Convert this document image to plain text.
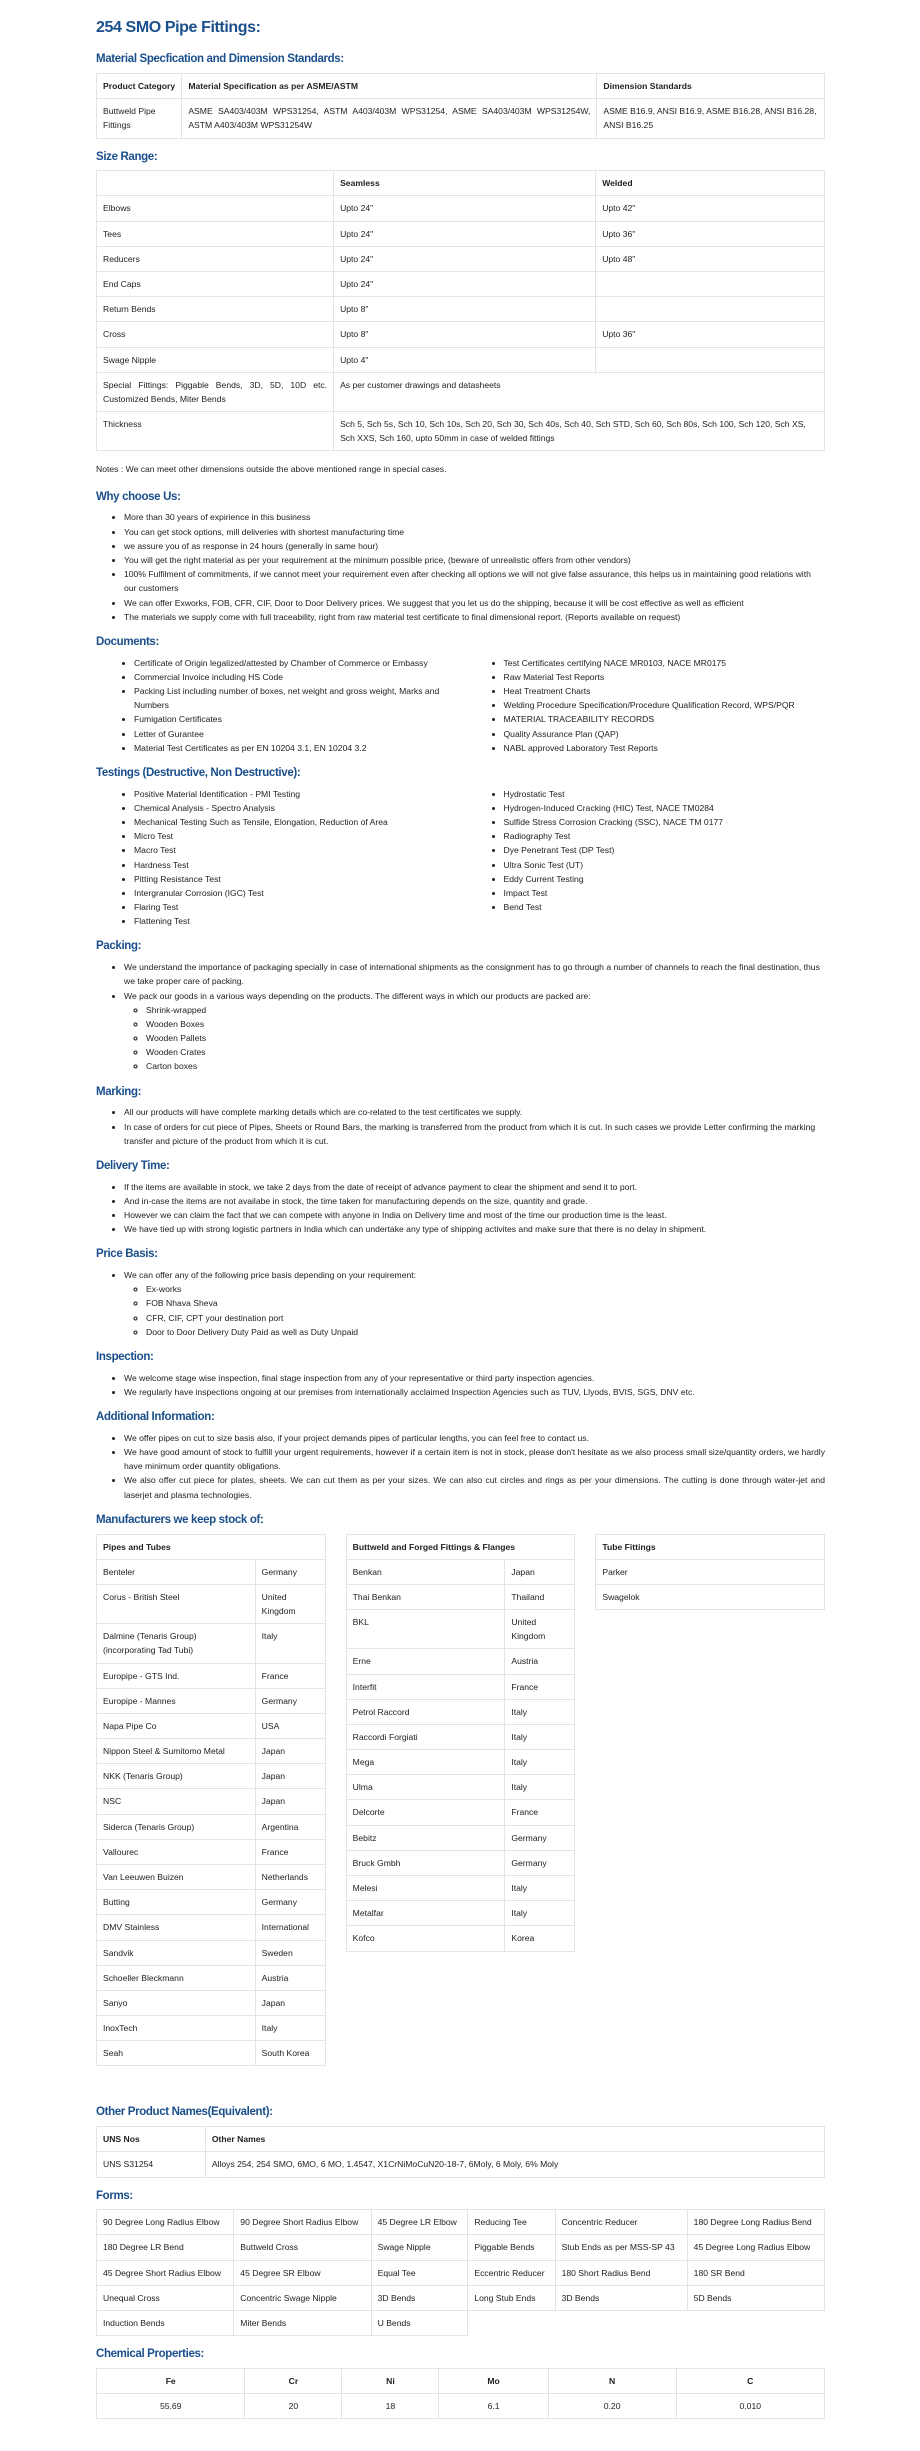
254 SMO Pipe Fittings:
Material Specfication and Dimension Standards:
Product Category	Material Specification as per ASME/ASTM	Dimension Standards
Buttweld Pipe Fittings	ASME SA403/403M WPS31254, ASTM A403/403M WPS31254, ASME SA403/403M WPS31254W, ASTM A403/403M WPS31254W	ASME B16.9, ANSI B16.9, ASME B16.28, ANSI B16.28, ANSI B16.25
Size Range:
	Seamless	Welded
Elbows	Upto 24"	Upto 42"
Tees	Upto 24"	Upto 36"
Reducers	Upto 24"	Upto 48"
End Caps	Upto 24"	
Return Bends	Upto 8"	
Cross	Upto 8"	Upto 36"
Swage Nipple	Upto 4"	
Special Fittings: Piggable Bends, 3D, 5D, 10D etc. Customized Bends, Miter Bends	As per customer drawings and datasheets	
Thickness	Sch 5, Sch 5s, Sch 10, Sch 10s, Sch 20, Sch 30, Sch 40s, Sch 40, Sch STD, Sch 60, Sch 80s, Sch 100, Sch 120, Sch XS, Sch XXS, Sch 160, upto 50mm in case of welded fittings	

Notes : We can meet other dimensions outside the above mentioned range in special cases.

Why choose Us:
• More than 30 years of expirience in this business
• You can get stock options, mill deliveries with shortest manufacturing time
• we assure you of as response in 24 hours (generally in same hour)
• You will get the right material as per your requirement at the minimum possible price, (beware of unrealistic offers from other vendors)
• 100% Fulfilment of commitments, if we cannot meet your requirement even after checking all options we will not give false assurance, this helps us in maintaining good relations with our customers
• We can offer Exworks, FOB, CFR, CIF, Door to Door Delivery prices. We suggest that you let us do the shipping, because it will be cost effective as well as efficient
• The materials we supply come with full traceability, right from raw material test certificate to final dimensional report. (Reports available on request)
Documents:
• Certificate of Origin legalized/attested by Chamber of Commerce or Embassy
• Commercial Invoice including HS Code
• Packing List including number of boxes, net weight and gross weight, Marks and Numbers
• Fumigation Certificates
• Letter of Gurantee
• Material Test Certificates as per EN 10204 3.1, EN 10204 3.2
• Test Certificates certifying NACE MR0103, NACE MR0175
• Raw Material Test Reports
• Heat Treatment Charts
• Welding Procedure Specification/Procedure Qualification Record, WPS/PQR
• MATERIAL TRACEABILITY RECORDS
• Quality Assurance Plan (QAP)
• NABL approved Laboratory Test Reports
Testings (Destructive, Non Destructive):
• Positive Material Identification - PMI Testing
• Chemical Analysis - Spectro Analysis
• Mechanical Testing Such as Tensile, Elongation, Reduction of Area
• Micro Test
• Macro Test
• Hardness Test
• Pitting Resistance Test
• Intergranular Corrosion (IGC) Test
• Flaring Test
• Flattening Test
• Hydrostatic Test
• Hydrogen-Induced Cracking (HIC) Test, NACE TM0284
• Sulfide Stress Corrosion Cracking (SSC), NACE TM 0177
• Radiography Test
• Dye Penetrant Test (DP Test)
• Ultra Sonic Test (UT)
• Eddy Current Testing
• Impact Test
• Bend Test
Packing:
• We understand the importance of packaging specially in case of international shipments as the consignment has to go through a number of channels to reach the final destination, thus we take proper care of packing.
• We pack our goods in a various ways depending on the products. The different ways in which our products are packed are:
◦ Shrink-wrapped
◦ Wooden Boxes
◦ Wooden Pallets
◦ Wooden Crates
◦ Carton boxes
Marking:
• All our products will have complete marking details which are co-related to the test certificates we supply.
• In case of orders for cut piece of Pipes, Sheets or Round Bars, the marking is transferred from the product from which it is cut. In such cases we provide Letter confirming the marking transfer and picture of the product from which it is cut.
Delivery Time:
• If the items are available in stock, we take 2 days from the date of receipt of advance payment to clear the shipment and send it to port.
• And in-case the items are not availabe in stock, the time taken for manufacturing depends on the size, quantity and grade.
• However we can claim the fact that we can compete with anyone in India on Delivery time and most of the time our production time is the least.
• We have tied up with strong logistic partners in India which can undertake any type of shipping activites and make sure that there is no delay in shipment.
Price Basis:
• We can offer any of the following price basis depending on your requirement:
◦ Ex-works
◦ FOB Nhava Sheva
◦ CFR, CIF, CPT your destination port
◦ Door to Door Delivery Duty Paid as well as Duty Unpaid
Inspection:
• We welcome stage wise inspection, final stage inspection from any of your representative or third party inspection agencies.
• We regularly have inspections ongoing at our premises from internationally acclaimed Inspection Agencies such as TUV, Llyods, BVIS, SGS, DNV etc.
Additional Information:
• We offer pipes on cut to size basis also, if your project demands pipes of particular lengths, you can feel free to contact us.
• We have good amount of stock to fulfill your urgent requirements, however if a certain item is not in stock, please don't hesitate as we also process small size/quantity orders, we hardly have minimum order quantity obligations.
• We also offer cut piece for plates, sheets. We can cut them as per your sizes. We can also cut circles and rings as per your dimensions. The cutting is done through water-jet and laserjet and plasma technologies.
Manufacturers we keep stock of:
Pipes and Tubes	
Benteler	Germany
Corus - British Steel	United Kingdom
Dalmine (Tenaris Group) (incorporating Tad Tubi)	Italy
Europipe - GTS Ind.	France
Europipe - Mannes	Germany
Napa Pipe Co	USA
Nippon Steel & Sumitomo Metal	Japan
NKK (Tenaris Group)	Japan
NSC	Japan
Siderca (Tenaris Group)	Argentina
Vallourec	France
Van Leeuwen Buizen	Netherlands
Butting	Germany
DMV Stainless	International
Sandvik	Sweden
Schoeller Bleckmann	Austria
Sanyo	Japan
InoxTech	Italy
Seah	South Korea
Buttweld and Forged Fittings & Flanges	
Benkan	Japan
Thai Benkan	Thailand
BKL	United Kingdom
Erne	Austria
Interfit	France
Petrol Raccord	Italy
Raccordi Forgiati	Italy
Mega	Italy
Ulma	Italy
Delcorte	France
Bebitz	Germany
Bruck Gmbh	Germany
Melesi	Italy
Metalfar	Italy
Kofco	Korea
Tube Fittings
Parker
Swagelok
Other Product Names(Equivalent):
UNS Nos	Other Names
UNS S31254	Alloys 254, 254 SMO, 6MO, 6 MO, 1.4547, X1CrNiMoCuN20-18-7, 6Moly, 6 Moly, 6% Moly
Forms:
90 Degree Long Radius Elbow	90 Degree Short Radius Elbow	45 Degree LR Elbow	Reducing Tee	Concentric Reducer	180 Degree Long Radius Bend
180 Degree LR Bend	Buttweld Cross	Swage Nipple	Piggable Bends	Stub Ends as per MSS-SP 43	45 Degree Long Radius Elbow
45 Degree Short Radius Elbow	45 Degree SR Elbow	Equal Tee	Eccentric Reducer	180 Short Radius Bend	180 SR Bend
Unequal Cross	Concentric Swage Nipple	3D Bends	Long Stub Ends	3D Bends	5D Bends
Induction Bends	Miter Bends	U Bends			
Chemical Properties:
Fe	Cr	Ni	Mo	N	C
55.69	20	18	6.1	0.20	0.010
